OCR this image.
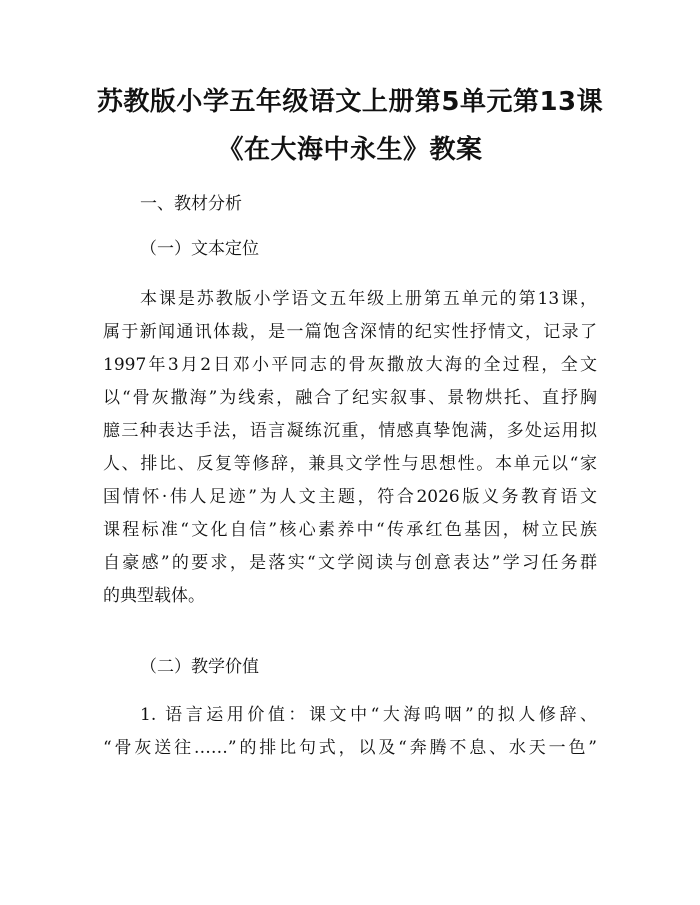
苏教版小学五年级语文上册第5单元第13课
《在大海中永生》教案
一、教材分析
（一）文本定位
本课是苏教版小学语文五年级上册第五单元的第13课，
属于新闻通讯体裁，是一篇饱含深情的纪实性抒情文，记录了
1997年3月2日邓小平同志的骨灰撒放大海的全过程，全文
以“骨灰撒海”为线索，融合了纪实叙事、景物烘托、直抒胸
臆三种表达手法，语言凝练沉重，情感真挚饱满，多处运用拟
人、排比、反复等修辞，兼具文学性与思想性。本单元以“家
国情怀·伟人足迹”为人文主题，符合2026版义务教育语文
课程标准“文化自信”核心素养中“传承红色基因，树立民族
自豪感”的要求，是落实“文学阅读与创意表达”学习任务群
的典型载体。
（二）教学价值
1. 语言运用价值：课文中“大海呜咽”的拟人修辞、
“骨灰送往……”的排比句式，以及“奔腾不息、水天一色”
